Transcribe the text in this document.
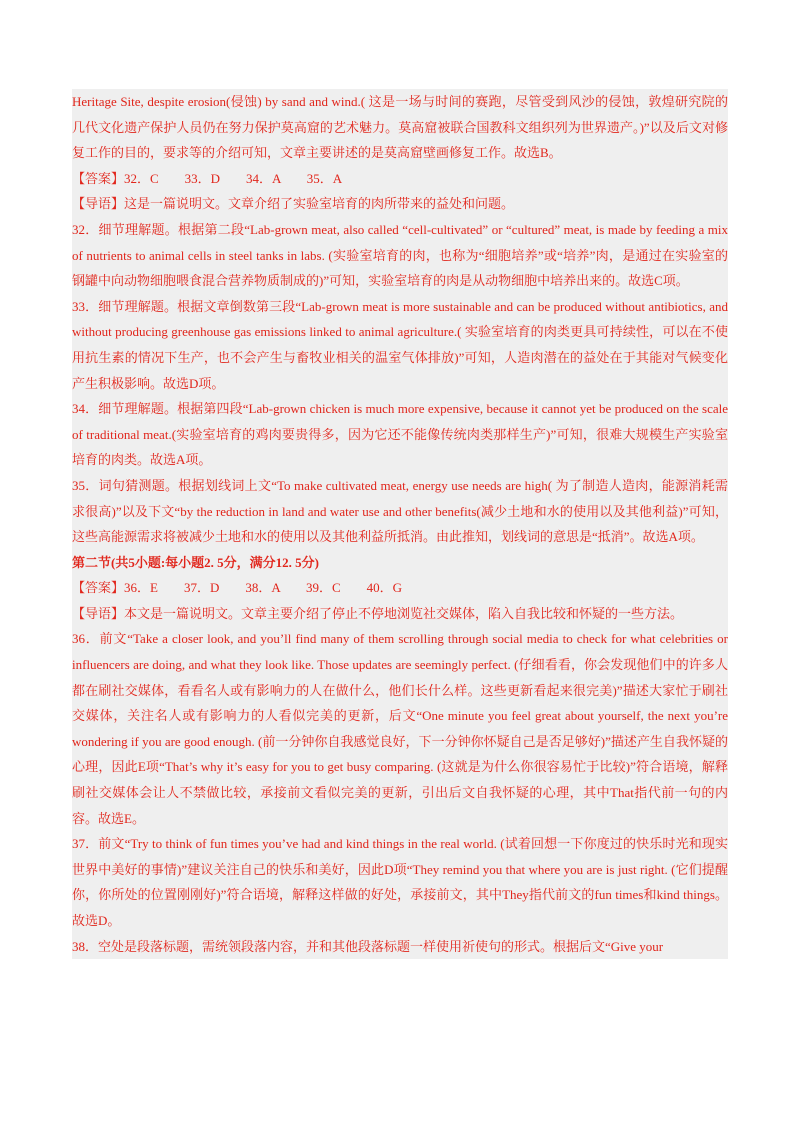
Heritage Site, despite erosion(侵蚀) by sand and wind.( 这是一场与时间的赛跑，尽管受到风沙的侵蚀，敦煌研究院的几代文化遗产保护人员仍在努力保护莫高窟的艺术魅力。莫高窟被联合国教科文组织列为世界遗产。)”以及后文对修复工作的目的，要求等的介绍可知，文章主要讲述的是莫高窟壁画修复工作。故选B。

【答案】32．C　　33．D　　34．A　　35．A

【导语】这是一篇说明文。文章介绍了实验室培育的肉所带来的益处和问题。

32．细节理解题。根据第二段“Lab-grown meat, also called “cell-cultivated” or “cultured” meat, is made by feeding a mix of nutrients to animal cells in steel tanks in labs. (实验室培育的肉，也称为“细胞培养”或“培养”肉，是通过在实验室的钢罐中向动物细胞喂食混合营养物质制成的)”可知，实验室培育的肉是从动物细胞中培养出来的。故选C项。

33．细节理解题。根据文章倒数第三段“Lab-grown meat is more sustainable and can be produced without antibiotics, and without producing greenhouse gas emissions linked to animal agriculture.( 实验室培育的肉类更具可持续性，可以在不使用抗生素的情况下生产，也不会产生与畜牧业相关的温室气体排放)”可知，人造肉潜在的益处在于其能对气候变化产生积极影响。故选D项。

34．细节理解题。根据第四段“Lab-grown chicken is much more expensive, because it cannot yet be produced on the scale of traditional meat.(实验室培育的鸡肉要贵得多，因为它还不能像传统肉类那样生产)”可知，很难大规模生产实验室培育的肉类。故选A项。

35．词句猜测题。根据划线词上文“To make cultivated meat, energy use needs are high( 为了制造人造肉，能源消耗需求很高)”以及下文“by the reduction in land and water use and other benefits(减少土地和水的使用以及其他利益)”可知，这些高能源需求将被减少土地和水的使用以及其他利益所抵消。由此推知，划线词的意思是“抵消”。故选A项。

第二节(共5小题:每小题2. 5分，满分12. 5分)

【答案】36．E　　37．D　　38．A　　39．C　　40．G

【导语】本文是一篇说明文。文章主要介绍了停止不停地浏览社交媒体，陷入自我比较和怀疑的一些方法。

36．前文“Take a closer look, and you’ll find many of them scrolling through social media to check for what celebrities or influencers are doing, and what they look like. Those updates are seemingly perfect. (仔细看看，你会发现他们中的许多人都在刷社交媒体，看看名人或有影响力的人在做什么，他们长什么样。这些更新看起来很完美)”描述大家忙于刷社交媒体，关注名人或有影响力的人看似完美的更新，后文“One minute you feel great about yourself, the next you’re wondering if you are good enough. (前一分钟你自我感觉良好，下一分钟你怀疑自己是否足够好)”描述产生自我怀疑的心理，因此E项“That’s why it’s easy for you to get busy comparing. (这就是为什么你很容易忙于比较)”符合语境，解释刷社交媒体会让人不禁做比较，承接前文看似完美的更新，引出后文自我怀疑的心理，其中That指代前一句的内容。故选E。

37．前文“Try to think of fun times you’ve had and kind things in the real world. (试着回想一下你度过的快乐时光和现实世界中美好的事情)”建议关注自己的快乐和美好，因此D项“They remind you that where you are is just right. (它们提醒你，你所处的位置刚刚好)”符合语境，解释这样做的好处，承接前文，其中They指代前文的fun times和kind things。故选D。

38．空处是段落标题，需统领段落内容，并和其他段落标题一样使用祈使句的形式。根据后文“Give your
